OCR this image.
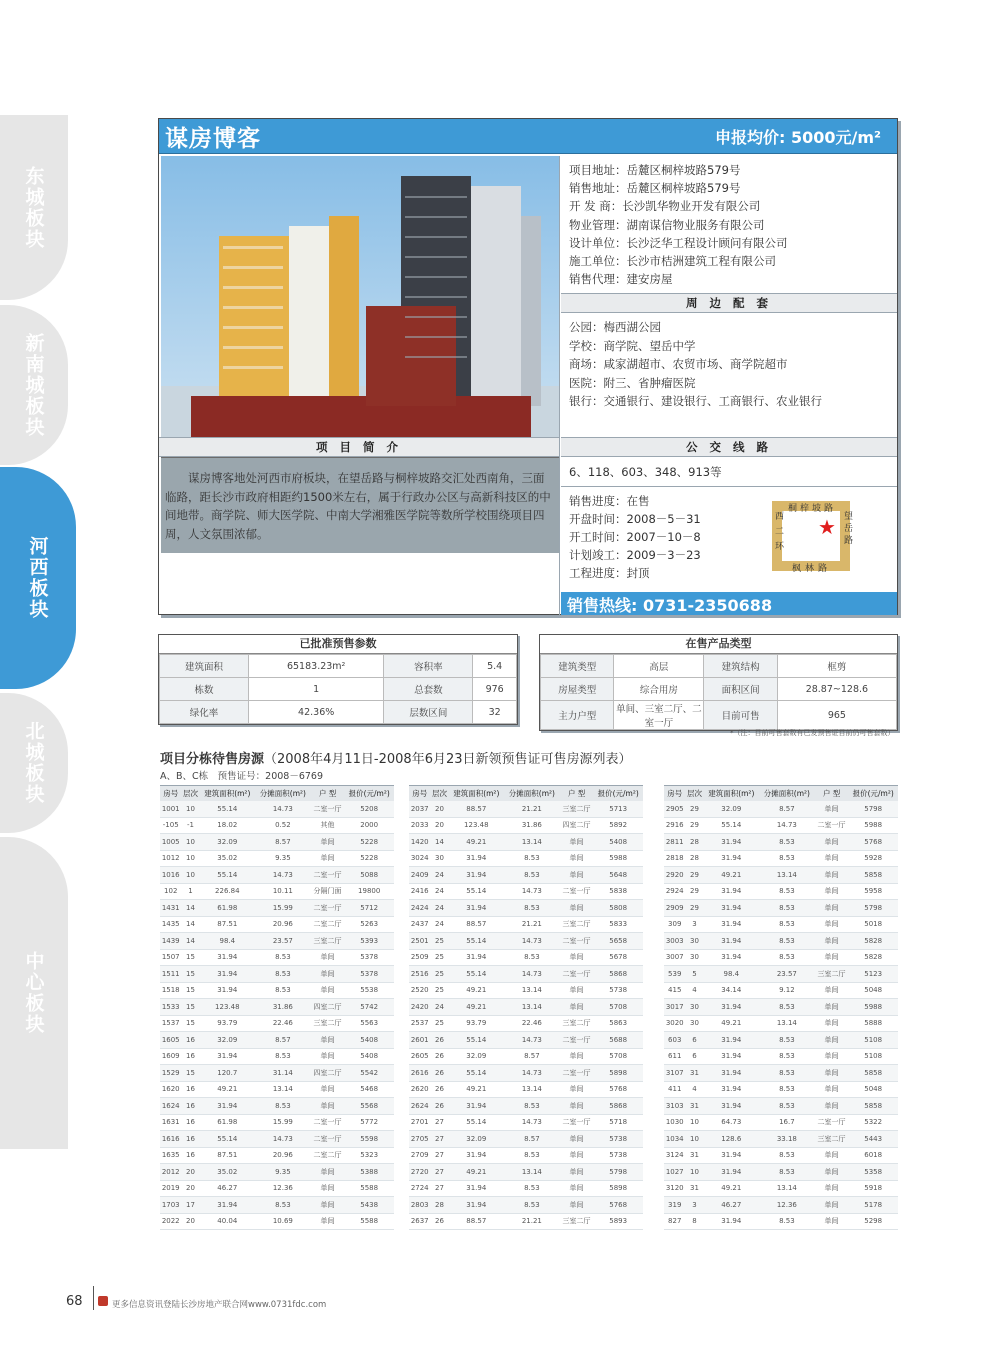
东城板块
新南城板块
河西板块
北城板块
中心板块
谋房博客	申报均价: 5000元/m²
项目地址：岳麓区桐梓坡路579号
销售地址：岳麓区桐梓坡路579号
开 发 商：长沙凯华物业开发有限公司
物业管理：湖南谋信物业服务有限公司
设计单位：长沙泛华工程设计顾问有限公司
施工单位：长沙市桔洲建筑工程有限公司
销售代理：建安房屋
周 边 配 套
公园：梅西湖公园
学校：商学院、望岳中学
商场：咸家湖超市、农贸市场、商学院超市
医院：附三、省肿瘤医院
银行：交通银行、建设银行、工商银行、农业银行
项 目 简 介
谋房博客地处河西市府板块，在望岳路与桐梓坡路交汇处西南角，三面临路，距长沙市政府相距约1500米左右，属于行政办公区与高新科技区的中间地带。商学院、师大医学院、中南大学湘雅医学院等数所学校围绕项目四周，人文氛围浓郁。
公 交 线 路
6、118、603、348、913等
销售进度：在售
开盘时间：2008－5－31
开工时间：2007－10－8
计划竣工：2009－3－23
工程进度：封顶
桐梓坡路
西二环	望岳路
枫林路
★
销售热线: 0731-2350688
已批准预售参数
建筑面积	65183.23m²	容积率	5.4
栋数	1	总套数	976
绿化率	42.36%	层数区间	32
在售产品类型
建筑类型	高层	建筑结构	框剪
房屋类型	综合用房	面积区间	28.87~128.6
主力户型	单间、三室二厅、二室一厅	目前可售	965
*（注：目前可售套数有已发预售证目前仍可售套数）
项目分栋待售房源（2008年4月11日-2008年6月23日新领预售证可售房源列表）
A、B、C栋　预售证号：2008－6769
房号	层次	建筑面积(m²)	分摊面积(m²)	户 型	报价(元/m²)
1001	10	55.14	14.73	二室一厅	5208
-105	-1	18.02	0.52	其他	2000
1005	10	32.09	8.57	单间	5228
1012	10	35.02	9.35	单间	5228
1016	10	55.14	14.73	二室一厅	5088
102	1	226.84	10.11	分隔门面	19800
1431	14	61.98	15.99	二室一厅	5712
1435	14	87.51	20.96	二室二厅	5263
1439	14	98.4	23.57	三室二厅	5393
1507	15	31.94	8.53	单间	5378
1511	15	31.94	8.53	单间	5378
1518	15	31.94	8.53	单间	5538
1533	15	123.48	31.86	四室二厅	5742
1537	15	93.79	22.46	三室二厅	5563
1605	16	32.09	8.57	单间	5408
1609	16	31.94	8.53	单间	5408
1529	15	120.7	31.14	四室二厅	5542
1620	16	49.21	13.14	单间	5468
1624	16	31.94	8.53	单间	5568
1631	16	61.98	15.99	二室一厅	5772
1616	16	55.14	14.73	二室一厅	5598
1635	16	87.51	20.96	二室二厅	5323
2012	20	35.02	9.35	单间	5388
2019	20	46.27	12.36	单间	5588
1703	17	31.94	8.53	单间	5438
2022	20	40.04	10.69	单间	5588
房号	层次	建筑面积(m²)	分摊面积(m²)	户 型	报价(元/m²)
2037	20	88.57	21.21	三室二厅	5713
2033	20	123.48	31.86	四室二厅	5892
1420	14	49.21	13.14	单间	5408
3024	30	31.94	8.53	单间	5988
2409	24	31.94	8.53	单间	5648
2416	24	55.14	14.73	二室一厅	5838
2424	24	31.94	8.53	单间	5808
2437	24	88.57	21.21	三室二厅	5833
2501	25	55.14	14.73	二室一厅	5658
2509	25	31.94	8.53	单间	5678
2516	25	55.14	14.73	二室一厅	5868
2520	25	49.21	13.14	单间	5738
2420	24	49.21	13.14	单间	5708
2537	25	93.79	22.46	三室二厅	5863
2601	26	55.14	14.73	二室一厅	5688
2605	26	32.09	8.57	单间	5708
2616	26	55.14	14.73	二室一厅	5898
2620	26	49.21	13.14	单间	5768
2624	26	31.94	8.53	单间	5868
2701	27	55.14	14.73	二室一厅	5718
2705	27	32.09	8.57	单间	5738
2709	27	31.94	8.53	单间	5738
2720	27	49.21	13.14	单间	5798
2724	27	31.94	8.53	单间	5898
2803	28	31.94	8.53	单间	5768
2637	26	88.57	21.21	三室二厅	5893
房号	层次	建筑面积(m²)	分摊面积(m²)	户 型	报价(元/m²)
2905	29	32.09	8.57	单间	5798
2916	29	55.14	14.73	二室一厅	5988
2811	28	31.94	8.53	单间	5768
2818	28	31.94	8.53	单间	5928
2920	29	49.21	13.14	单间	5858
2924	29	31.94	8.53	单间	5958
2909	29	31.94	8.53	单间	5798
309	3	31.94	8.53	单间	5018
3003	30	31.94	8.53	单间	5828
3007	30	31.94	8.53	单间	5828
539	5	98.4	23.57	三室二厅	5123
415	4	34.14	9.12	单间	5048
3017	30	31.94	8.53	单间	5988
3020	30	49.21	13.14	单间	5888
603	6	31.94	8.53	单间	5108
611	6	31.94	8.53	单间	5108
3107	31	31.94	8.53	单间	5858
411	4	31.94	8.53	单间	5048
3103	31	31.94	8.53	单间	5858
1030	10	64.73	16.7	二室一厅	5322
1034	10	128.6	33.18	三室二厅	5443
3124	31	31.94	8.53	单间	6018
1027	10	31.94	8.53	单间	5358
3120	31	49.21	13.14	单间	5918
319	3	46.27	12.36	单间	5178
827	8	31.94	8.53	单间	5298
68	更多信息资讯登陆长沙房地产联合网www.0731fdc.com
